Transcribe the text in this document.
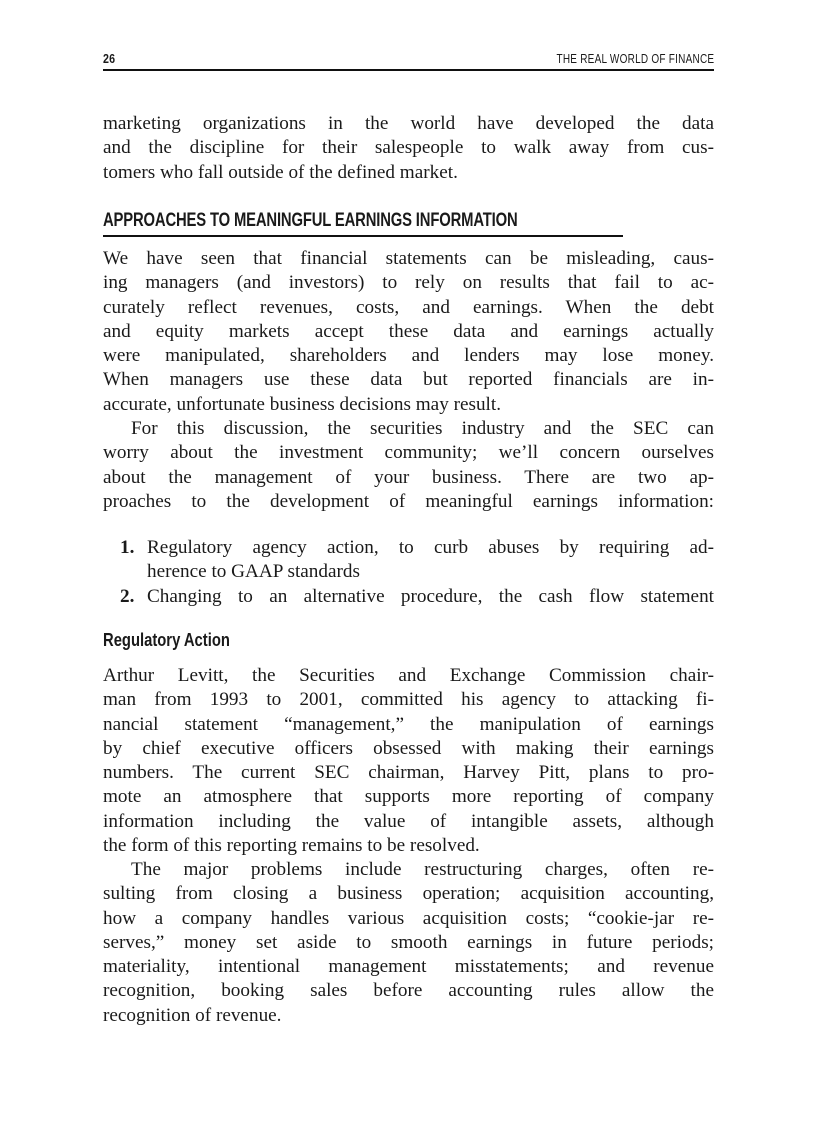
26	THE REAL WORLD OF FINANCE
marketing organizations in the world have developed the data
and the discipline for their salespeople to walk away from cus-
tomers who fall outside of the defined market.
APPROACHES TO MEANINGFUL EARNINGS INFORMATION
We have seen that financial statements can be misleading, caus-
ing managers (and investors) to rely on results that fail to ac-
curately reflect revenues, costs, and earnings. When the debt
and equity markets accept these data and earnings actually
were manipulated, shareholders and lenders may lose money.
When managers use these data but reported financials are in-
accurate, unfortunate business decisions may result.
For this discussion, the securities industry and the SEC can
worry about the investment community; we’ll concern ourselves
about the management of your business. There are two ap-
proaches to the development of meaningful earnings information:
1. Regulatory agency action, to curb abuses by requiring ad-
herence to GAAP standards
2. Changing to an alternative procedure, the cash flow statement
Regulatory Action
Arthur Levitt, the Securities and Exchange Commission chair-
man from 1993 to 2001, committed his agency to attacking fi-
nancial statement “management,” the manipulation of earnings
by chief executive officers obsessed with making their earnings
numbers. The current SEC chairman, Harvey Pitt, plans to pro-
mote an atmosphere that supports more reporting of company
information including the value of intangible assets, although
the form of this reporting remains to be resolved.
The major problems include restructuring charges, often re-
sulting from closing a business operation; acquisition accounting,
how a company handles various acquisition costs; “cookie-jar re-
serves,” money set aside to smooth earnings in future periods;
materiality, intentional management misstatements; and revenue
recognition, booking sales before accounting rules allow the
recognition of revenue.
